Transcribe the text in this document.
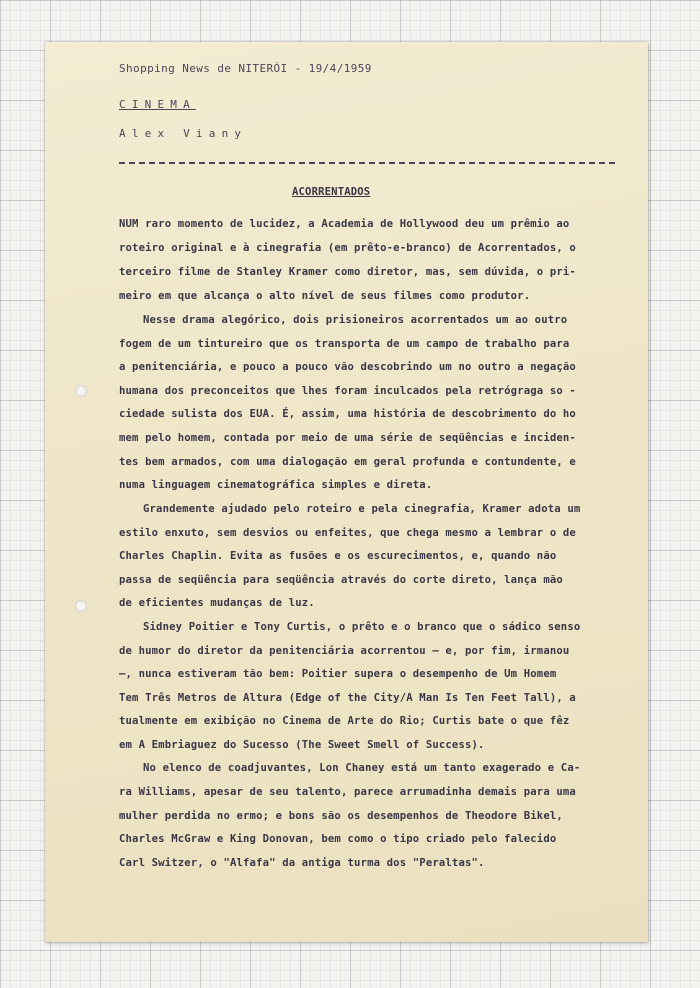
Shopping News de NITERÓI - 19/4/1959
CINEMA
Alex Viany
ACORRENTADOS
NUM raro momento de lucidez, a Academia de Hollywood deu um prêmio ao
roteiro original e à cinegrafia (em prêto-e-branco) de Acorrentados, o
terceiro filme de Stanley Kramer como diretor, mas, sem dúvida, o pri-
meiro em que alcança o alto nível de seus filmes como produtor.
Nesse drama alegórico, dois prisioneiros acorrentados um ao outro
fogem de um tintureiro que os transporta de um campo de trabalho para
a penitenciária, e pouco a pouco vão descobrindo um no outro a negação
humana dos preconceitos que lhes foram inculcados pela retrógraga so -
ciedade sulista dos EUA. É, assim, uma história de descobrimento do ho
mem pelo homem, contada por meio de uma série de seqüências e inciden-
tes bem armados, com uma dialogação em geral profunda e contundente, e
numa linguagem cinematográfica simples e direta.
Grandemente ajudado pelo roteiro e pela cinegrafia, Kramer adota um
estilo enxuto, sem desvios ou enfeites, que chega mesmo a lembrar o de
Charles Chaplin. Evita as fusões e os escurecimentos, e, quando não
passa de seqüência para seqüência através do corte direto, lança mão
de eficientes mudanças de luz.
Sidney Poitier e Tony Curtis, o prêto e o branco que o sádico senso
de humor do diretor da penitenciária acorrentou — e, por fim, irmanou
—, nunca estiveram tão bem: Poitier supera o desempenho de Um Homem
Tem Três Metros de Altura (Edge of the City/A Man Is Ten Feet Tall), a
tualmente em exibição no Cinema de Arte do Rio; Curtis bate o que fêz
em A Embriaguez do Sucesso (The Sweet Smell of Success).
No elenco de coadjuvantes, Lon Chaney está um tanto exagerado e Ca-
ra Williams, apesar de seu talento, parece arrumadinha demais para uma
mulher perdida no ermo; e bons são os desempenhos de Theodore Bikel,
Charles McGraw e King Donovan, bem como o tipo criado pelo falecido
Carl Switzer, o "Alfafa" da antiga turma dos "Peraltas".
